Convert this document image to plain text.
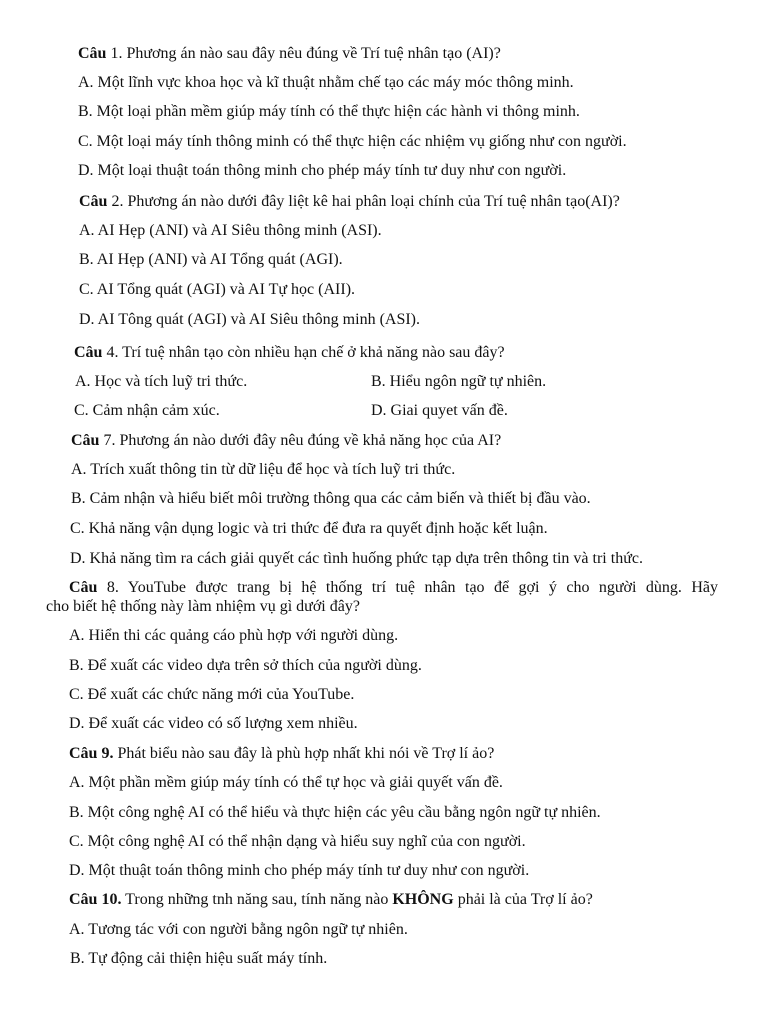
Câu 1. Phương án nào sau đây nêu đúng về Trí tuệ nhân tạo (AI)?
A. Một lĩnh vực khoa học và kĩ thuật nhằm chế tạo các máy móc thông minh.
B. Một loại phần mềm giúp máy tính có thể thực hiện các hành vi thông minh.
C. Một loại máy tính thông minh có thể thực hiện các nhiệm vụ giống như con người.
D. Một loại thuật toán thông minh cho phép máy tính tư duy như con người.
Câu 2. Phương án nào dưới đây liệt kê hai phân loại chính của Trí tuệ nhân tạo(AI)?
A. AI Hẹp (ANI) và AI Siêu thông minh (ASI).
B. AI Hẹp (ANI) và AI Tổng quát (AGI).
C. AI Tổng quát (AGI) và AI Tự học (AII).
D. AI Tông quát (AGI) và AI Siêu thông minh (ASI).
Câu 4. Trí tuệ nhân tạo còn nhiều hạn chế ở khả năng nào sau đây?
A. Học và tích luỹ tri thức.	B. Hiểu ngôn ngữ tự nhiên.
C. Cảm nhận cảm xúc.	D. Giai quyet vấn đề.
Câu 7. Phương án nào dưới đây nêu đúng về khả năng học của AI?
A. Trích xuất thông tin từ dữ liệu để học và tích luỹ tri thức.
B. Cảm nhận và hiểu biết môi trường thông qua các cảm biến và thiết bị đầu vào.
C. Khả năng vận dụng logic và tri thức để đưa ra quyết định hoặc kết luận.
D. Khả năng tìm ra cách giải quyết các tình huống phức tạp dựa trên thông tin và tri thức.
Câu 8. YouTube được trang bị hệ thống trí tuệ nhân tạo để gợi ý cho người dùng. Hãy
cho biết hệ thống này làm nhiệm vụ gì dưới đây?
A. Hiển thi các quảng cáo phù hợp với người dùng.
B. Để xuất các video dựa trên sở thích của người dùng.
C. Để xuất các chức năng mới của YouTube.
D. Để xuất các video có số lượng xem nhiều.
Câu 9. Phát biểu nào sau đây là phù hợp nhất khi nói về Trợ lí ảo?
A. Một phần mềm giúp máy tính có thể tự học và giải quyết vấn đề.
B. Một công nghệ AI có thể hiểu và thực hiện các yêu cầu bằng ngôn ngữ tự nhiên.
C. Một công nghệ AI có thể nhận dạng và hiểu suy nghĩ của con người.
D. Một thuật toán thông minh cho phép máy tính tư duy như con người.
Câu 10. Trong những tnh năng sau, tính năng nào KHÔNG phải là của Trợ lí ảo?
A. Tương tác với con người bằng ngôn ngữ tự nhiên.
B. Tự động cải thiện hiệu suất máy tính.
